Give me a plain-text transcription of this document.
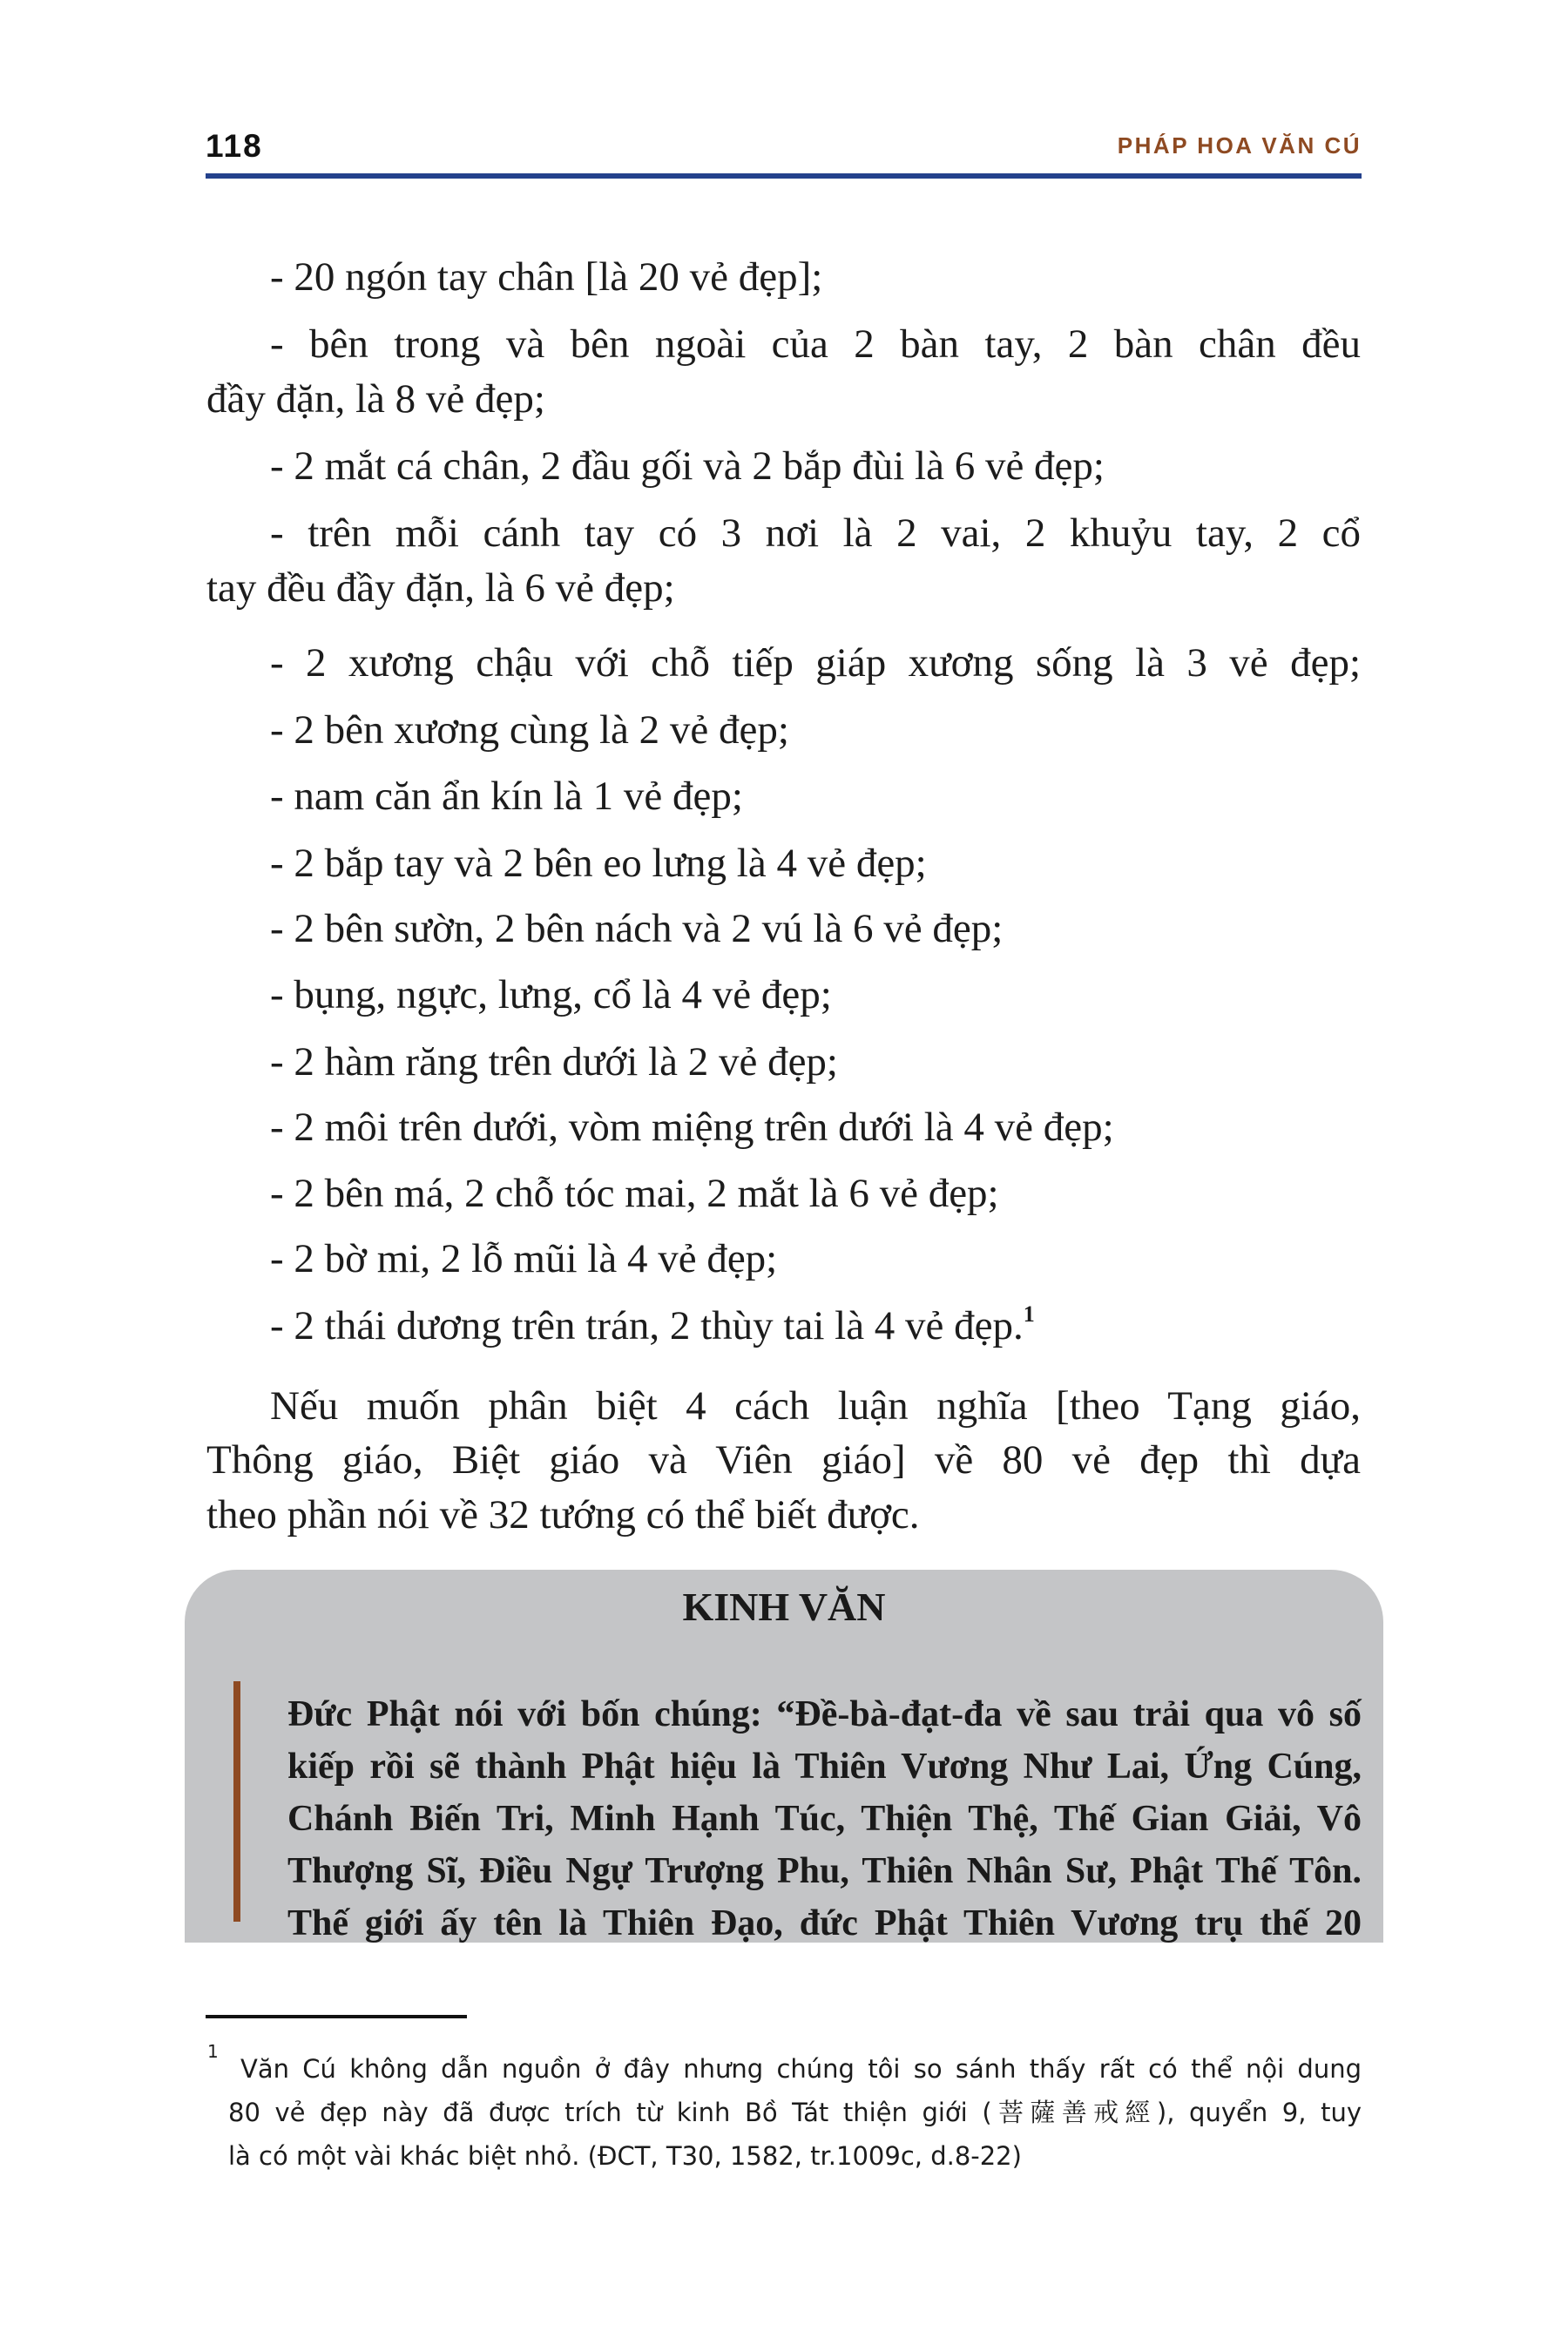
118	PHÁP HOA VĂN CÚ
- 20 ngón tay chân [là 20 vẻ đẹp];
- bên trong và bên ngoài của 2 bàn tay, 2 bàn chân đều
đầy đặn, là 8 vẻ đẹp;
- 2 mắt cá chân, 2 đầu gối và 2 bắp đùi là 6 vẻ đẹp;
- trên mỗi cánh tay có 3 nơi là 2 vai, 2 khuỷu tay, 2 cổ
tay đều đầy đặn, là 6 vẻ đẹp;
- 2 xương chậu với chỗ tiếp giáp xương sống là 3 vẻ đẹp;
- 2 bên xương cùng là 2 vẻ đẹp;
- nam căn ẩn kín là 1 vẻ đẹp;
- 2 bắp tay và 2 bên eo lưng là 4 vẻ đẹp;
- 2 bên sườn, 2 bên nách và 2 vú là 6 vẻ đẹp;
- bụng, ngực, lưng, cổ là 4 vẻ đẹp;
- 2 hàm răng trên dưới là 2 vẻ đẹp;
- 2 môi trên dưới, vòm miệng trên dưới là 4 vẻ đẹp;
- 2 bên má, 2 chỗ tóc mai, 2 mắt là 6 vẻ đẹp;
- 2 bờ mi, 2 lỗ mũi là 4 vẻ đẹp;
- 2 thái dương trên trán, 2 thùy tai là 4 vẻ đẹp.$^1$
Nếu muốn phân biệt 4 cách luận nghĩa [theo Tạng giáo,
Thông giáo, Biệt giáo và Viên giáo] về 80 vẻ đẹp thì dựa
theo phần nói về 32 tướng có thể biết được.
KINH VĂN
Đức Phật nói với bốn chúng: “Đề-bà-đạt-đa về sau trải qua vô số
kiếp rồi sẽ thành Phật hiệu là Thiên Vương Như Lai, Ứng Cúng,
Chánh Biến Tri, Minh Hạnh Túc, Thiện Thệ, Thế Gian Giải, Vô
Thượng Sĩ, Điều Ngự Trượng Phu, Thiên Nhân Sư, Phật Thế Tôn.
Thế giới ấy tên là Thiên Đạo, đức Phật Thiên Vương trụ thế 20
1
Văn Cú không dẫn nguồn ở đây nhưng chúng tôi so sánh thấy rất có thể nội dung
80 vẻ đẹp này đã được trích từ kinh Bồ Tát thiện giới (菩薩善戒經), quyển 9, tuy
là có một vài khác biệt nhỏ. (ĐCT, T30, 1582, tr.1009c, d.8-22)
